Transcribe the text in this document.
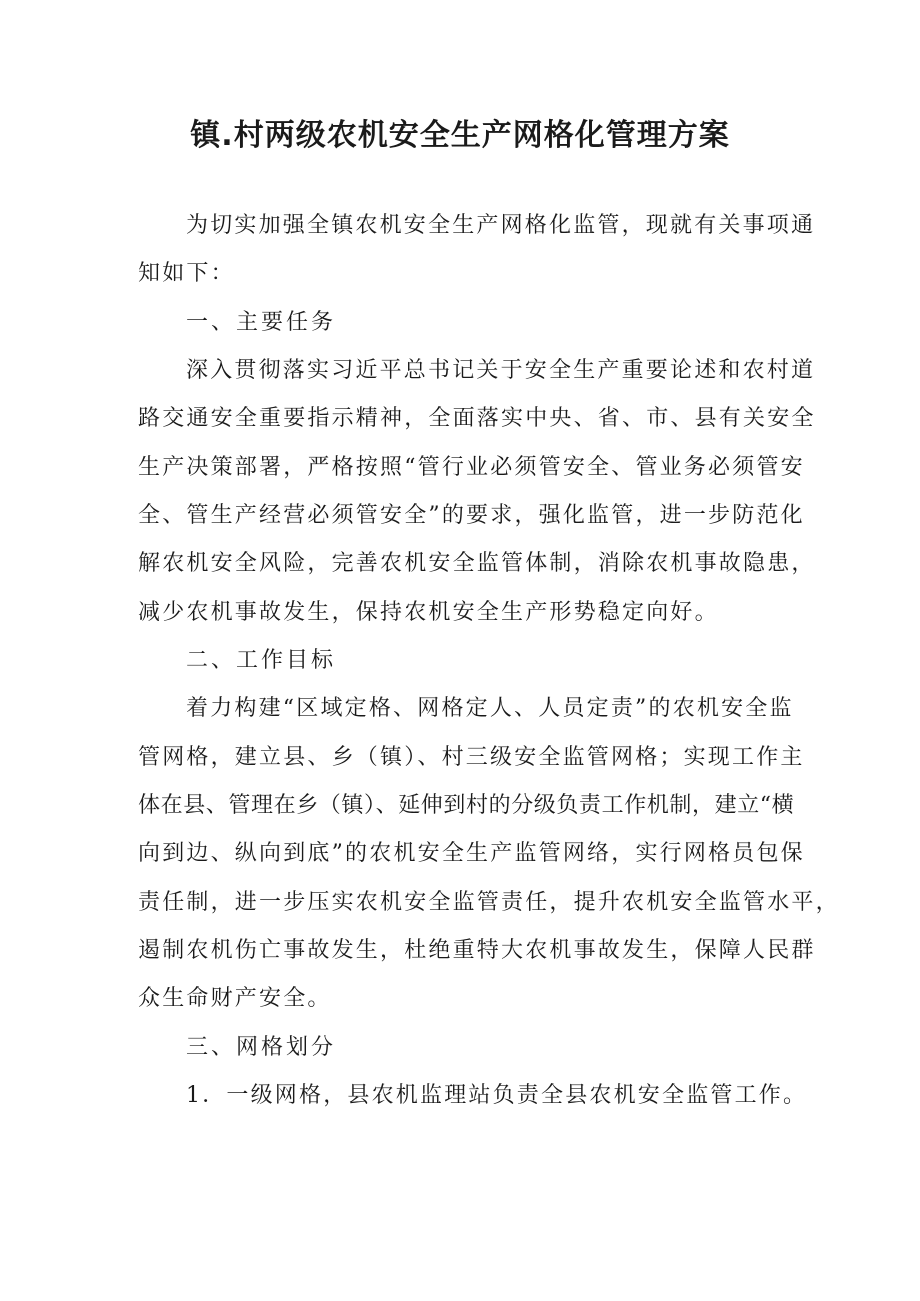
镇.村两级农机安全生产网格化管理方案

为切实加强全镇农机安全生产网格化监管，现就有关事项通

知如下：

一、主要任务

深入贯彻落实习近平总书记关于安全生产重要论述和农村道

路交通安全重要指示精神，全面落实中央、省、市、县有关安全

生产决策部署，严格按照“管行业必须管安全、管业务必须管安

全、管生产经营必须管安全”的要求，强化监管，进一步防范化

解农机安全风险，完善农机安全监管体制，消除农机事故隐患，

减少农机事故发生，保持农机安全生产形势稳定向好。

二、工作目标

着力构建“区域定格、网格定人、人员定责”的农机安全监

管网格，建立县、乡（镇）、村三级安全监管网格；实现工作主

体在县、管理在乡（镇）、延伸到村的分级负责工作机制，建立“横

向到边、纵向到底”的农机安全生产监管网络，实行网格员包保

责任制，进一步压实农机安全监管责任，提升农机安全监管水平，

遏制农机伤亡事故发生，杜绝重特大农机事故发生，保障人民群

众生命财产安全。

三、网格划分

1．一级网格，县农机监理站负责全县农机安全监管工作。
